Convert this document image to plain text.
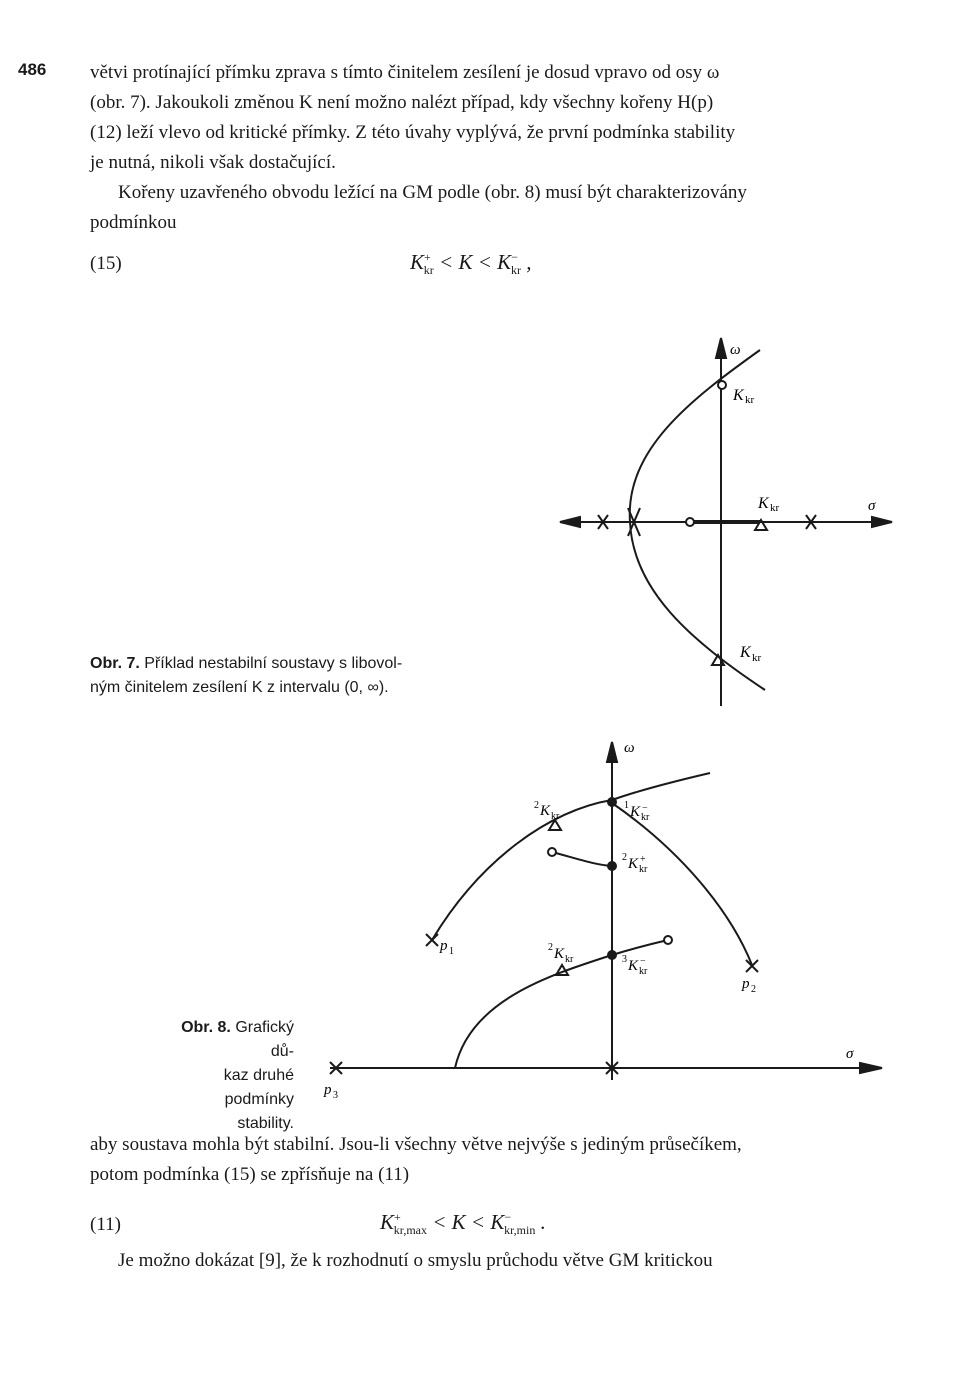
486 větvi protínající přímku zprava s tímto činitelem zesílení je dosud vpravo od osy ω
(obr. 7). Jakoukoli změnou K není možno nalézt případ, kdy všechny kořeny H(p)
(12) leží vlevo od kritické přímky. Z této úvahy vyplývá, že první podmínka stability
je nutná, nikoli však dostačující.
Kořeny uzavřeného obvodu ležící na GM podle (obr. 8) musí být charakterizovány
podmínkou
(15)	$K^+_{kr} < K < K^-_{kr}$ ,
ω
σ
K kr
K kr
K kr
Obr. 7. Příklad nestabilní soustavy s libovol-
ným činitelem zesílení K z intervalu (0, ∞).
ω
σ
p 1
p 2
p 3
2 K kr
1 K kr
−
2 K kr
+
2 K kr	3 K kr
−
Obr. 8. Grafický dů-
kaz druhé podmínky
stability.
aby soustava mohla být stabilní. Jsou-li všechny větve nejvýše s jediným průsečíkem,
potom podmínka (15) se zpřísňuje na (11)
(11)	$K^+_{kr,max} < K < K^-_{kr,min}$ .
Je možno dokázat [9], že k rozhodnutí o smyslu průchodu větve GM kritickou
